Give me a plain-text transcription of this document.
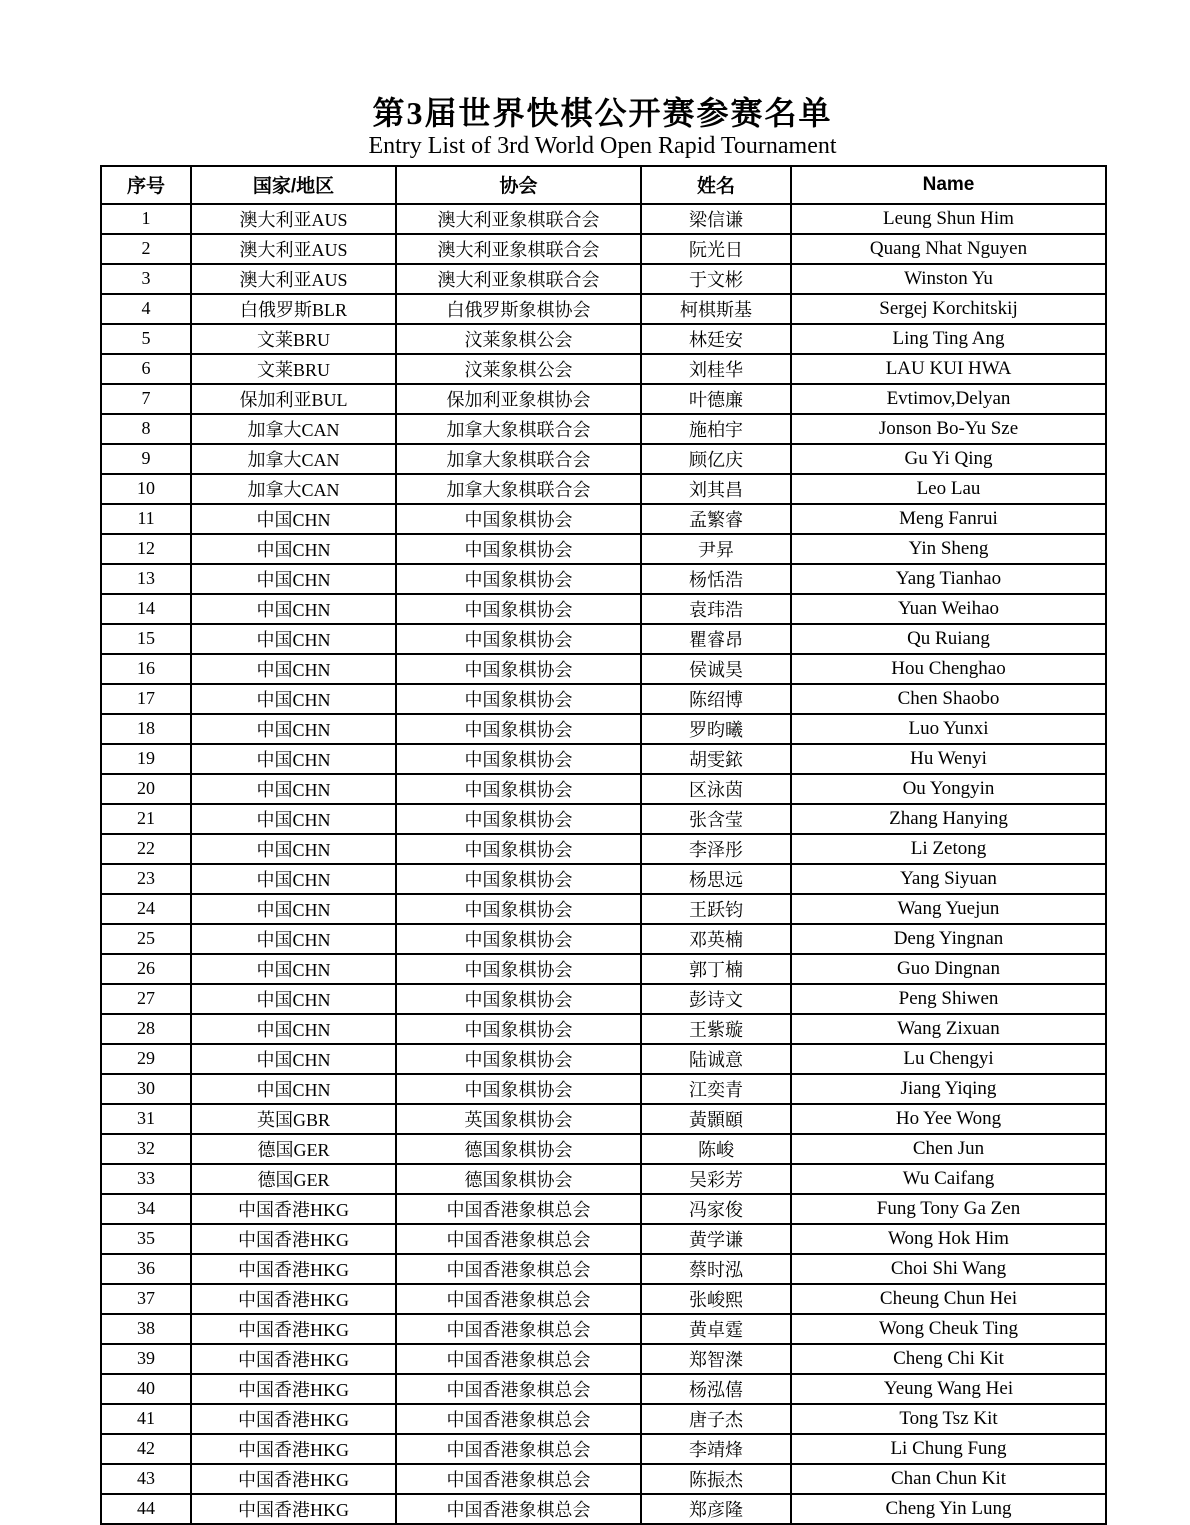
第3届世界快棋公开赛参赛名单
Entry List of 3rd World Open Rapid Tournament
序号	国家/地区	协会	姓名	Name
1	澳大利亚AUS	澳大利亚象棋联合会	梁信谦	Leung Shun Him
2	澳大利亚AUS	澳大利亚象棋联合会	阮光日	Quang Nhat Nguyen
3	澳大利亚AUS	澳大利亚象棋联合会	于文彬	Winston Yu
4	白俄罗斯BLR	白俄罗斯象棋协会	柯棋斯基	Sergej Korchitskij
5	文莱BRU	汶莱象棋公会	林廷安	Ling Ting Ang
6	文莱BRU	汶莱象棋公会	刘桂华	LAU KUI HWA
7	保加利亚BUL	保加利亚象棋协会	叶德廉	Evtimov,Delyan
8	加拿大CAN	加拿大象棋联合会	施柏宇	Jonson Bo-Yu Sze
9	加拿大CAN	加拿大象棋联合会	顾亿庆	Gu Yi Qing
10	加拿大CAN	加拿大象棋联合会	刘其昌	Leo Lau
11	中国CHN	中国象棋协会	孟繁睿	Meng Fanrui
12	中国CHN	中国象棋协会	尹昇	Yin Sheng
13	中国CHN	中国象棋协会	杨恬浩	Yang Tianhao
14	中国CHN	中国象棋协会	袁玮浩	Yuan Weihao
15	中国CHN	中国象棋协会	瞿睿昂	Qu Ruiang
16	中国CHN	中国象棋协会	侯诚昊	Hou Chenghao
17	中国CHN	中国象棋协会	陈绍博	Chen Shaobo
18	中国CHN	中国象棋协会	罗昀曦	Luo Yunxi
19	中国CHN	中国象棋协会	胡雯銥	Hu Wenyi
20	中国CHN	中国象棋协会	区泳茵	Ou Yongyin
21	中国CHN	中国象棋协会	张含莹	Zhang Hanying
22	中国CHN	中国象棋协会	李泽彤	Li Zetong
23	中国CHN	中国象棋协会	杨思远	Yang Siyuan
24	中国CHN	中国象棋协会	王跃钧	Wang Yuejun
25	中国CHN	中国象棋协会	邓英楠	Deng Yingnan
26	中国CHN	中国象棋协会	郭丁楠	Guo Dingnan
27	中国CHN	中国象棋协会	彭诗文	Peng Shiwen
28	中国CHN	中国象棋协会	王紫璇	Wang Zixuan
29	中国CHN	中国象棋协会	陆诚意	Lu Chengyi
30	中国CHN	中国象棋协会	江奕青	Jiang Yiqing
31	英国GBR	英国象棋协会	黃顥頤	Ho Yee Wong
32	德国GER	德国象棋协会	陈峻	Chen Jun
33	德国GER	德国象棋协会	吴彩芳	Wu Caifang
34	中国香港HKG	中国香港象棋总会	冯家俊	Fung Tony Ga Zen
35	中国香港HKG	中国香港象棋总会	黄学谦	Wong Hok Him
36	中国香港HKG	中国香港象棋总会	蔡时泓	Choi Shi Wang
37	中国香港HKG	中国香港象棋总会	张峻熙	Cheung Chun Hei
38	中国香港HKG	中国香港象棋总会	黄卓霆	Wong Cheuk Ting
39	中国香港HKG	中国香港象棋总会	郑智滐	Cheng Chi Kit
40	中国香港HKG	中国香港象棋总会	杨泓僖	Yeung Wang Hei
41	中国香港HKG	中国香港象棋总会	唐子杰	Tong Tsz Kit
42	中国香港HKG	中国香港象棋总会	李靖烽	Li Chung Fung
43	中国香港HKG	中国香港象棋总会	陈振杰	Chan Chun Kit
44	中国香港HKG	中国香港象棋总会	郑彦隆	Cheng Yin Lung
